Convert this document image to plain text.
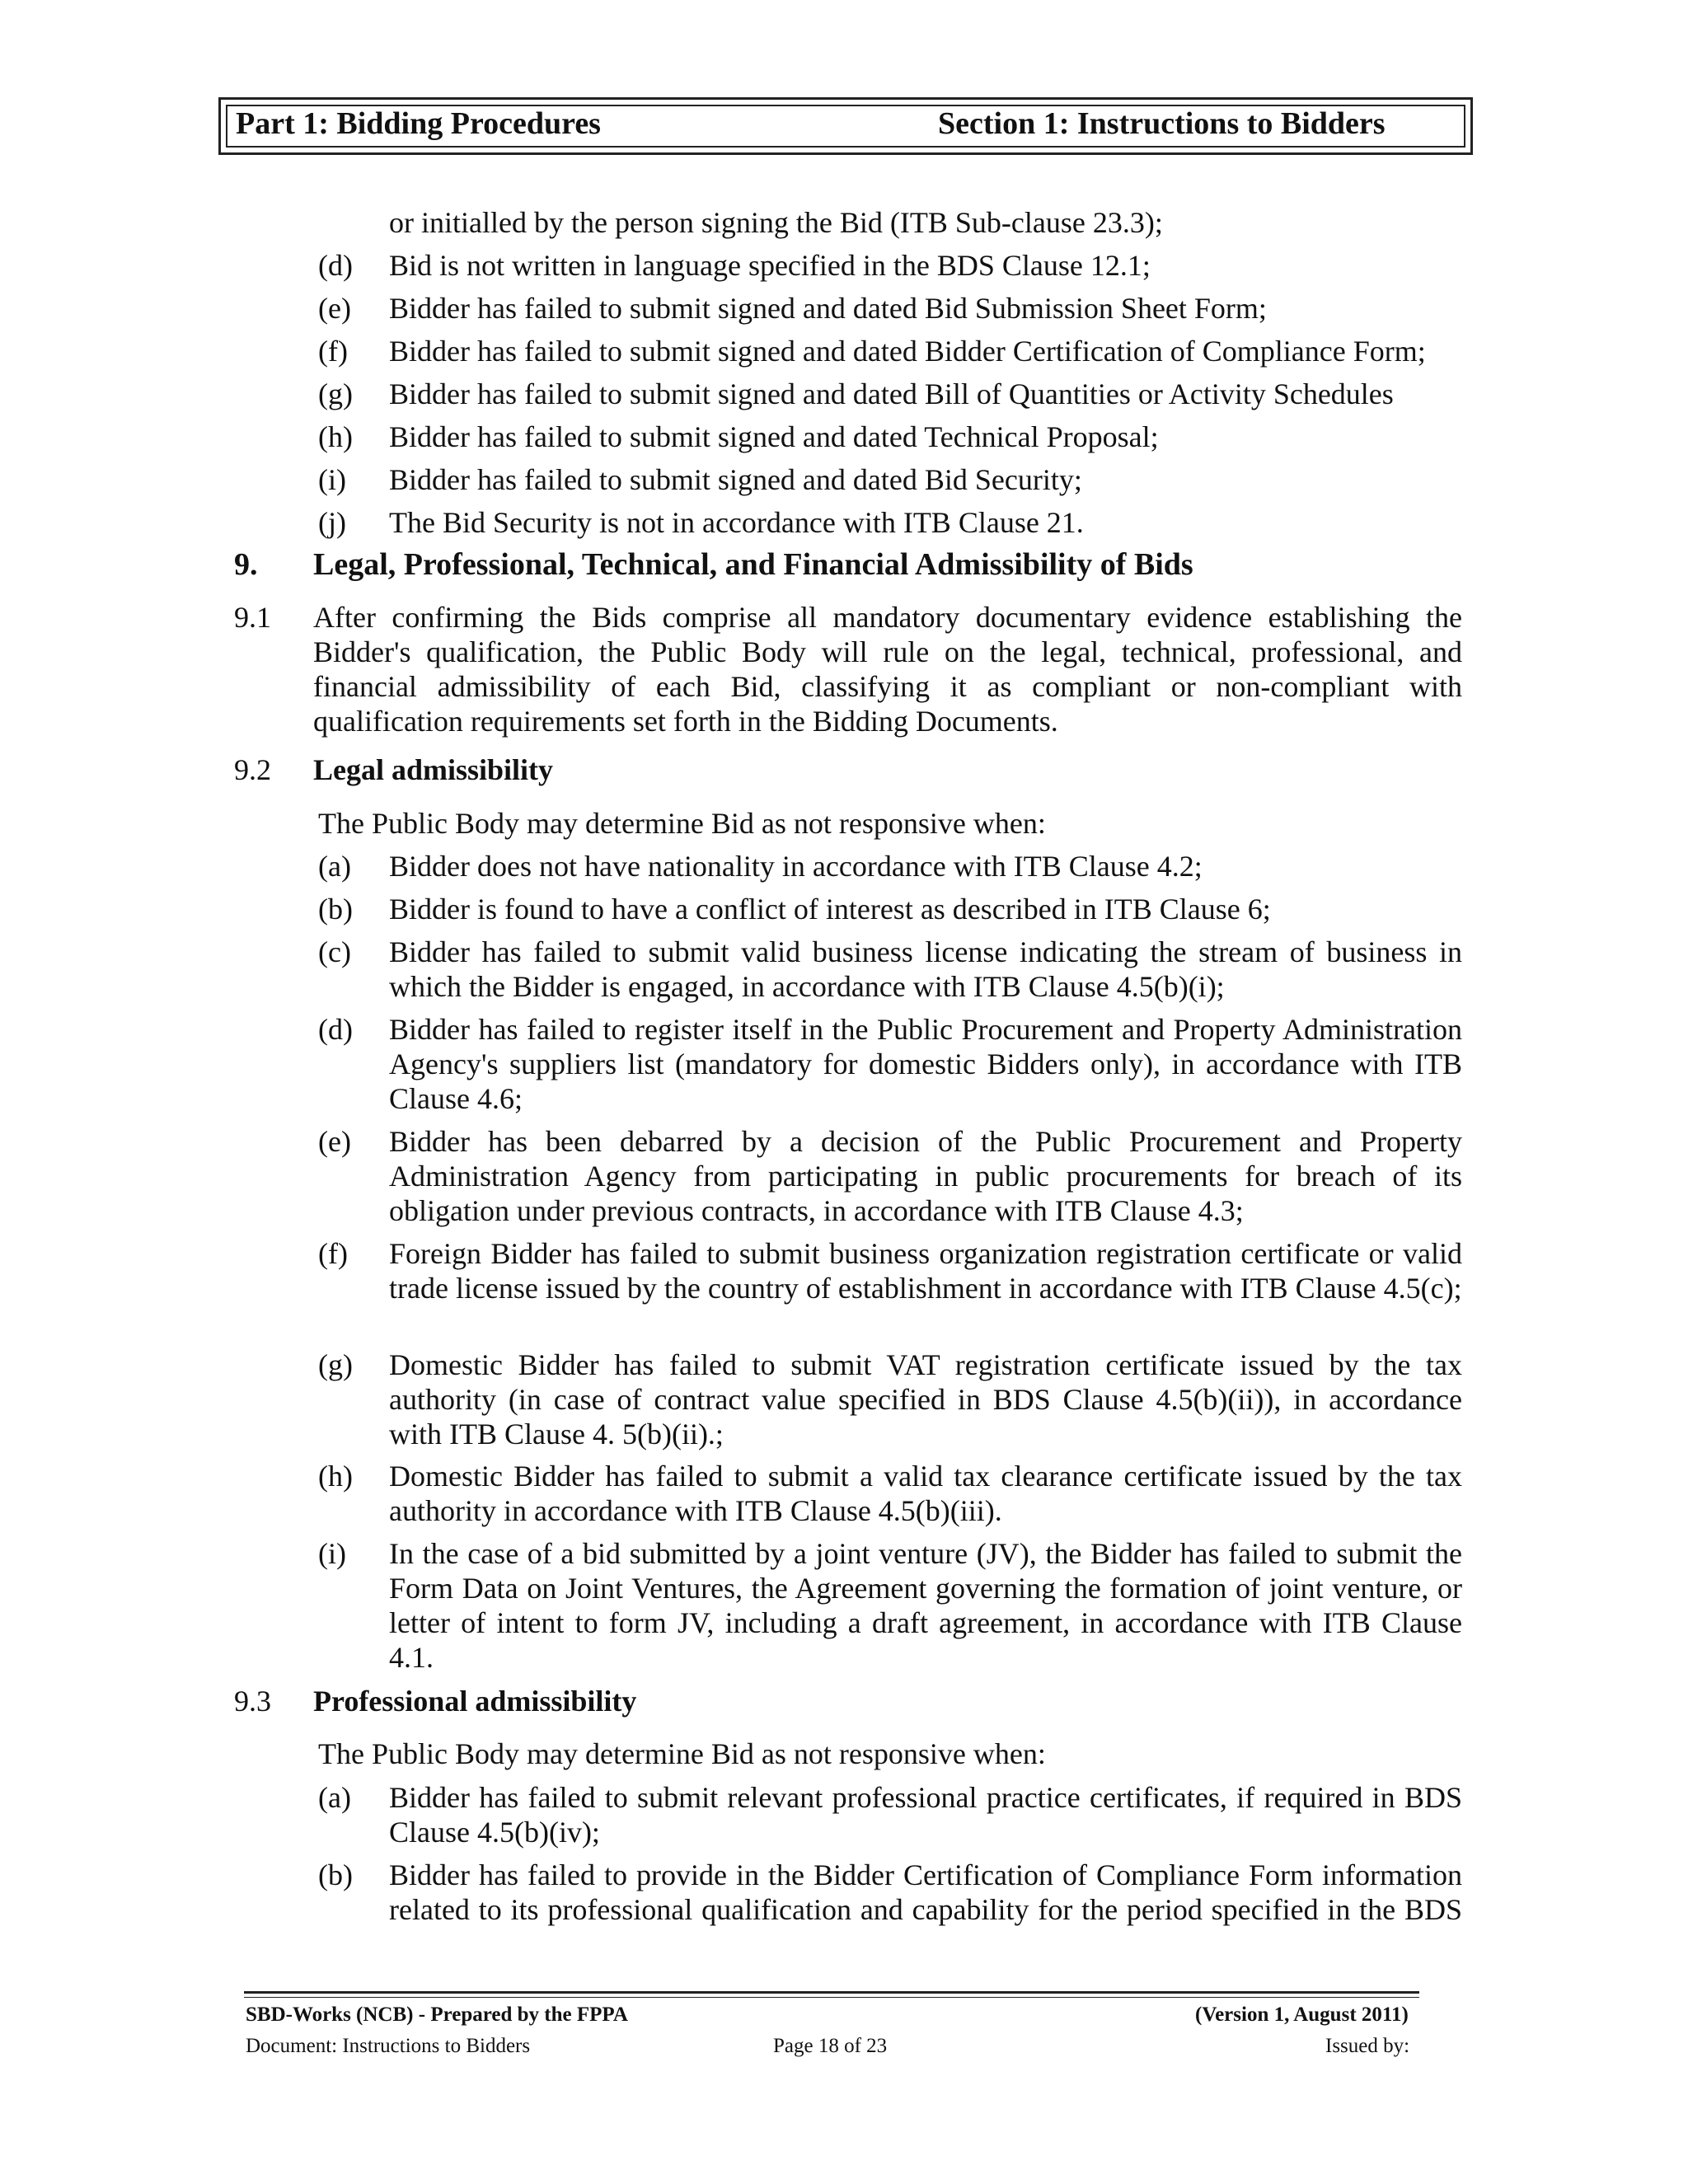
Part 1: Bidding Procedures	Section 1: Instructions to Bidders
or initialled by the person signing the Bid (ITB Sub-clause 23.3);
(d) Bid is not written in language specified in the BDS Clause 12.1;
(e) Bidder has failed to submit signed and dated Bid Submission Sheet Form;
(f) Bidder has failed to submit signed and dated Bidder Certification of Compliance Form;
(g) Bidder has failed to submit signed and dated Bill of Quantities or Activity Schedules
(h) Bidder has failed to submit signed and dated Technical Proposal;
(i) Bidder has failed to submit signed and dated Bid Security;
(j) The Bid Security is not in accordance with ITB Clause 21.
9. Legal, Professional, Technical, and Financial Admissibility of Bids
9.1 After confirming the Bids comprise all mandatory documentary evidence establishing the Bidder's qualification, the Public Body will rule on the legal, technical, professional, and financial admissibility of each Bid, classifying it as compliant or non-compliant with qualification requirements set forth in the Bidding Documents.
9.2 Legal admissibility
The Public Body may determine Bid as not responsive when:
(a) Bidder does not have nationality in accordance with ITB Clause 4.2;
(b) Bidder is found to have a conflict of interest as described in ITB Clause 6;
(c) Bidder has failed to submit valid business license indicating the stream of business in which the Bidder is engaged, in accordance with ITB Clause 4.5(b)(i);
(d) Bidder has failed to register itself in the Public Procurement and Property Administration Agency's suppliers list (mandatory for domestic Bidders only), in accordance with ITB Clause 4.6;
(e) Bidder has been debarred by a decision of the Public Procurement and Property Administration Agency from participating in public procurements for breach of its obligation under previous contracts, in accordance with ITB Clause 4.3;
(f) Foreign Bidder has failed to submit business organization registration certificate or valid trade license issued by the country of establishment in accordance with ITB Clause 4.5(c);
(g) Domestic Bidder has failed to submit VAT registration certificate issued by the tax authority (in case of contract value specified in BDS Clause 4.5(b)(ii)), in accordance with ITB Clause 4. 5(b)(ii).;
(h) Domestic Bidder has failed to submit a valid tax clearance certificate issued by the tax authority in accordance with ITB Clause 4.5(b)(iii).
(i) In the case of a bid submitted by a joint venture (JV), the Bidder has failed to submit the Form Data on Joint Ventures, the Agreement governing the formation of joint venture, or letter of intent to form JV, including a draft agreement, in accordance with ITB Clause 4.1.
9.3 Professional admissibility
The Public Body may determine Bid as not responsive when:
(a) Bidder has failed to submit relevant professional practice certificates, if required in BDS Clause 4.5(b)(iv);
(b) Bidder has failed to provide in the Bidder Certification of Compliance Form information related to its professional qualification and capability for the period specified in the BDS
SBD-Works (NCB) - Prepared by the FPPA	(Version 1, August 2011)
Document: Instructions to Bidders	Page 18 of 23	Issued by:
